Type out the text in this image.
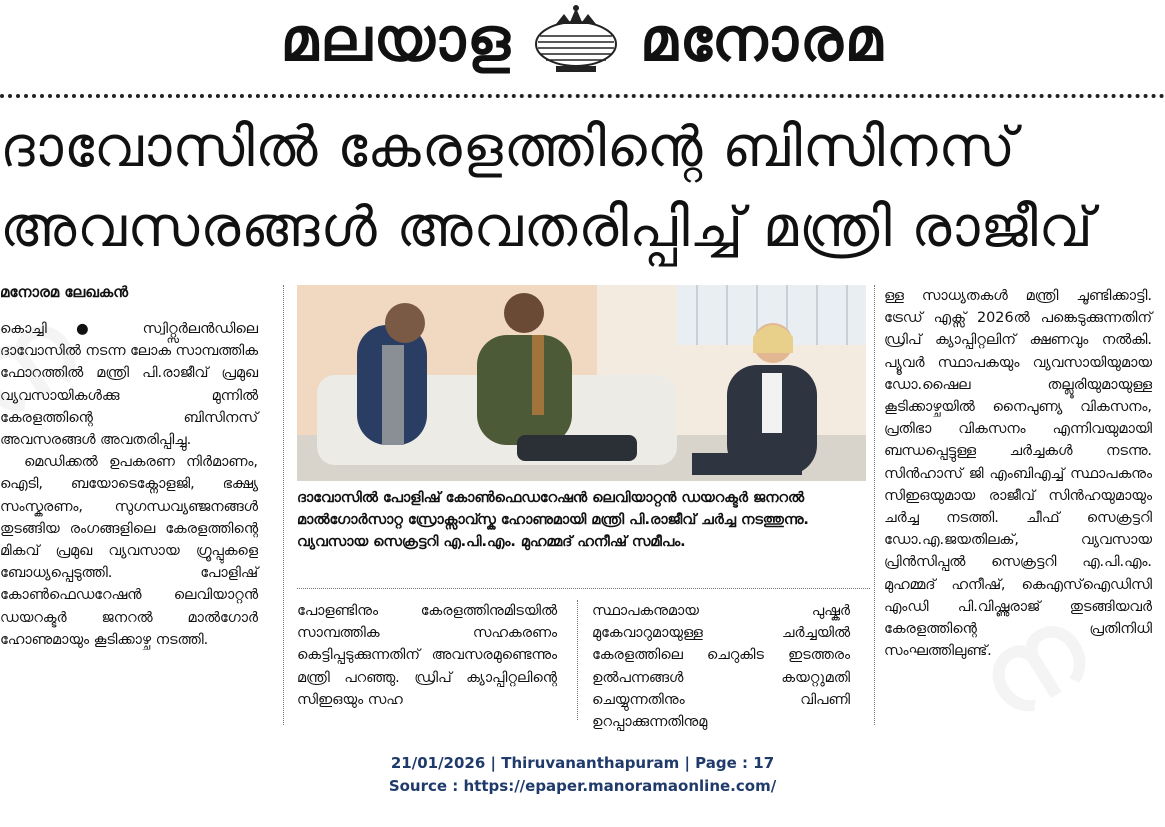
മലയാള മനോരമ
ദാവോസിൽ കേരളത്തിന്റെ ബിസിനസ്
അവസരങ്ങൾ അവതരിപ്പിച്ച് മന്ത്രി രാജീവ്
മനോരമ ലേഖകൻ

കൊച്ചി ● സ്വിറ്റ്സർലൻഡിലെ ദാവോസിൽ നടന്ന ലോക സാമ്പത്തിക ഫോറത്തിൽ മന്ത്രി പി.രാജീവ് പ്രമുഖ വ്യവസായികൾക്കു മുന്നിൽ കേരളത്തിന്റെ ബിസിനസ് അവസരങ്ങൾ അവതരിപ്പിച്ചു.

മെഡിക്കൽ ഉപകരണ നിർമാണം, ഐടി, ബയോടെക്നോളജി, ഭക്ഷ്യ സംസ്കരണം, സുഗന്ധവ്യഞ്ജനങ്ങൾ തുടങ്ങിയ രംഗങ്ങളിലെ കേരളത്തിന്റെ മികവ് പ്രമുഖ വ്യവസായ ഗ്രൂപ്പുകളെ ബോധ്യപ്പെടുത്തി. പോളിഷ് കോൺഫെഡറേഷൻ ലെവിയാറ്റൻ ഡയറക്ടർ ജനറൽ മാൽഗോർ ഹോണുമായും കൂടിക്കാഴ്ച നടത്തി.

ദാവോസിൽ പോളിഷ് കോൺഫെഡറേഷൻ ലെവിയാറ്റൻ ഡയറക്ടർ ജനറൽ മാൽഗോർസാറ്റ സ്രോക്സാവ്സ്ക ഹോണുമായി മന്ത്രി പി.രാജീവ് ചർച്ച നടത്തുന്നു. വ്യവസായ സെക്രട്ടറി എ.പി.എം. മുഹമ്മദ് ഹനീഷ് സമീപം.

പോളണ്ടിനും കേരളത്തിനുമിടയിൽ സാമ്പത്തിക സഹകരണം കെട്ടിപ്പടുക്കുന്നതിന് അവസരമുണ്ടെന്നും മന്ത്രി പറഞ്ഞു. ഡ്രിപ് ക്യാപ്പിറ്റലിന്റെ സിഇഒയും സഹ

സ്ഥാപകനുമായ പുഷ്കർ മുകേവാറുമായുള്ള ചർച്ചയിൽ കേരളത്തിലെ ചെറുകിട ഇടത്തരം ഉൽപന്നങ്ങൾ കയറ്റുമതി ചെയ്യുന്നതിനും വിപണി ഉറപ്പാക്കുന്നതിനുമു

ള്ള സാധ്യതകൾ മന്ത്രി ചൂണ്ടിക്കാട്ടി. ട്രേഡ് എക്സ് 2026ൽ പങ്കെടുക്കുന്നതിന് ഡ്രിപ് ക്യാപ്പിറ്റലിന് ക്ഷണവും നൽകി. പ്യൂവർ സ്ഥാപകയും വ്യവസായിയുമായ ഡോ.ഷൈല തല്ലൂരിയുമായുള്ള കൂടിക്കാഴ്ചയിൽ നൈപുണ്യ വികസനം, പ്രതിഭാ വികസനം എന്നിവയുമായി ബന്ധപ്പെട്ടുള്ള ചർച്ചകൾ നടന്നു. സിൻഹാസ് ജി എംബിഎച്ച് സ്ഥാപകനും സിഇഒയുമായ രാജീവ് സിൻഹയുമായും ചർച്ച നടത്തി. ചീഫ് സെക്രട്ടറി ഡോ.എ.ജയതിലക്, വ്യവസായ പ്രിൻസിപ്പൽ സെക്രട്ടറി എ.പി.എം. മുഹമ്മദ് ഹനീഷ്, കെഎസ്ഐഡിസി എംഡി പി.വിഷ്ണുരാജ് തുടങ്ങിയവർ കേരളത്തിന്റെ പ്രതിനിധി സംഘത്തിലുണ്ട്.

21/01/2026 | Thiruvananthapuram | Page : 17
Source : https://epaper.manoramaonline.com/
